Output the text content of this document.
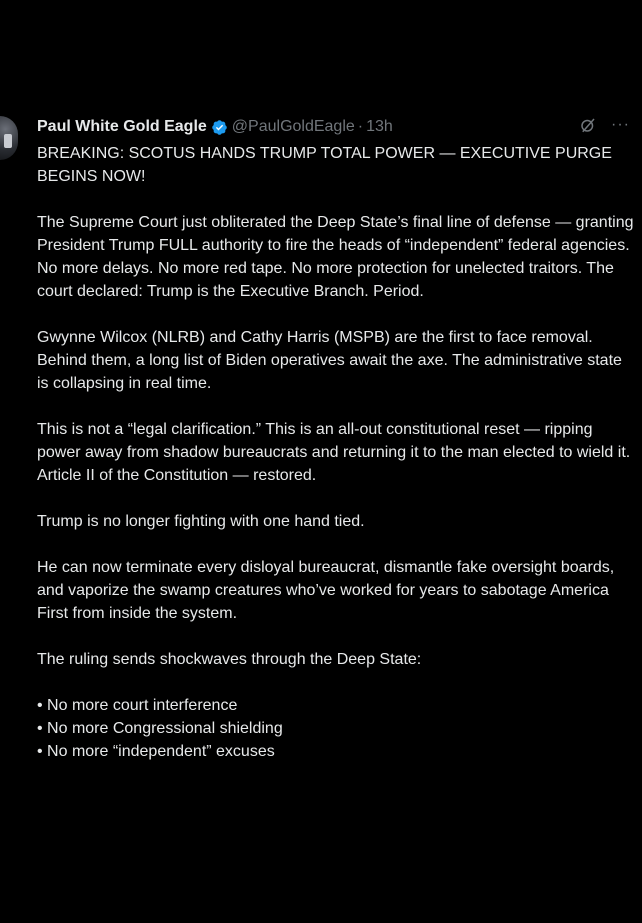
Paul White Gold Eagle @PaulGoldEagle · 13h	···

BREAKING: SCOTUS HANDS TRUMP TOTAL POWER — EXECUTIVE PURGE BEGINS NOW!

The Supreme Court just obliterated the Deep State’s final line of defense — granting President Trump FULL authority to fire the heads of “independent” federal agencies. No more delays. No more red tape. No more protection for unelected traitors. The court declared: Trump is the Executive Branch. Period.

Gwynne Wilcox (NLRB) and Cathy Harris (MSPB) are the first to face removal. Behind them, a long list of Biden operatives await the axe. The administrative state is collapsing in real time.

This is not a “legal clarification.” This is an all-out constitutional reset — ripping power away from shadow bureaucrats and returning it to the man elected to wield it. Article II of the Constitution — restored.

Trump is no longer fighting with one hand tied.

He can now terminate every disloyal bureaucrat, dismantle fake oversight boards, and vaporize the swamp creatures who’ve worked for years to sabotage America First from inside the system.

The ruling sends shockwaves through the Deep State:

• No more court interference
• No more Congressional shielding
• No more “independent” excuses
